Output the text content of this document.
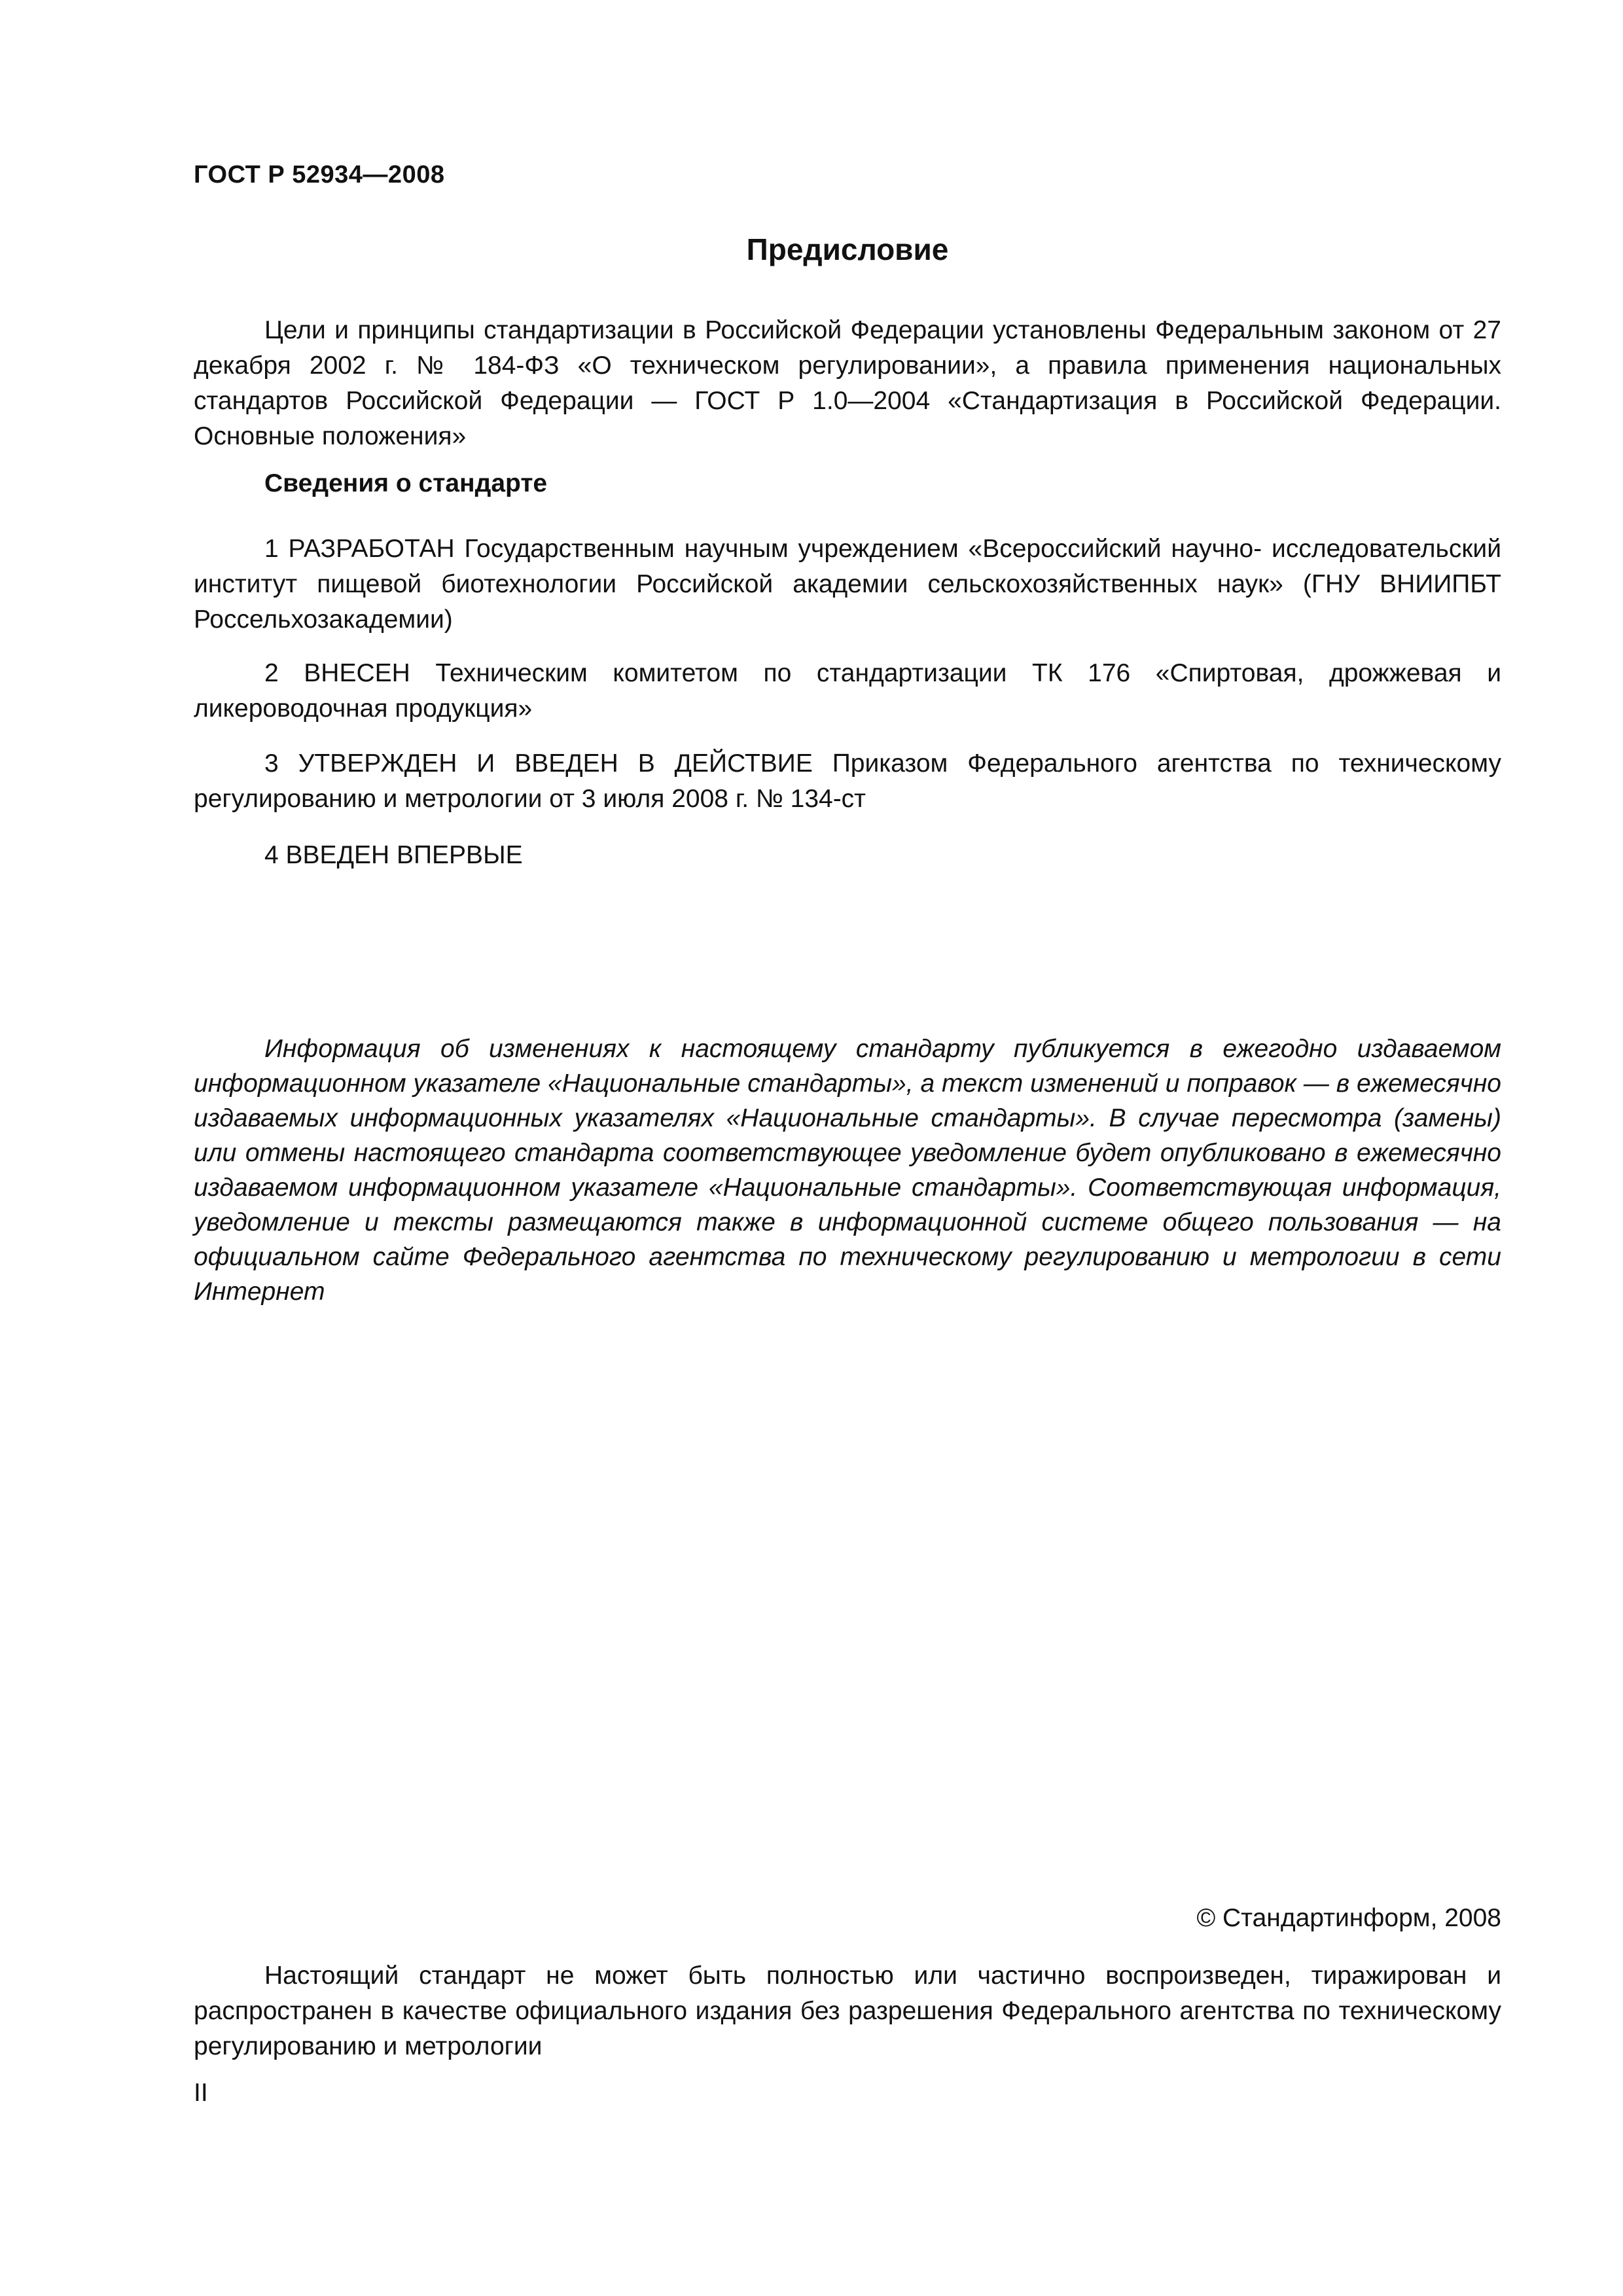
ГОСТ Р 52934—2008
Предисловие

Цели и принципы стандартизации в Российской Федерации установлены Федеральным законом от 27 декабря 2002 г. № 184-ФЗ «О техническом регулировании», а правила применения национальных стандартов Российской Федерации — ГОСТ Р 1.0—2004 «Стандартизация в Российской Федерации. Основные положения»

Сведения о стандарте

1 РАЗРАБОТАН Государственным научным учреждением «Всероссийский научно- исследовательский институт пищевой биотехнологии Российской академии сельскохозяйственных наук» (ГНУ ВНИИПБТ Россельхозакадемии)

2 ВНЕСЕН Техническим комитетом по стандартизации ТК 176 «Спиртовая, дрожжевая и ликероводочная продукция»

3 УТВЕРЖДЕН И ВВЕДЕН В ДЕЙСТВИЕ Приказом Федерального агентства по техническому регулированию и метрологии от 3 июля 2008 г. № 134-ст

4 ВВЕДЕН ВПЕРВЫЕ

Информация об изменениях к настоящему стандарту публикуется в ежегодно издаваемом информационном указателе «Национальные стандарты», а текст изменений и поправок — в ежемесячно издаваемых информационных указателях «Национальные стандарты». В случае пересмотра (замены) или отмены настоящего стандарта соответствующее уведомление будет опубликовано в ежемесячно издаваемом информационном указателе «Национальные стандарты». Соответствующая информация, уведомление и тексты размещаются также в информационной системе общего пользования — на официальном сайте Федерального агентства по техническому регулированию и метрологии в сети Интернет

© Стандартинформ, 2008

Настоящий стандарт не может быть полностью или частично воспроизведен, тиражирован и распространен в качестве официального издания без разрешения Федерального агентства по техническому регулированию и метрологии

II
